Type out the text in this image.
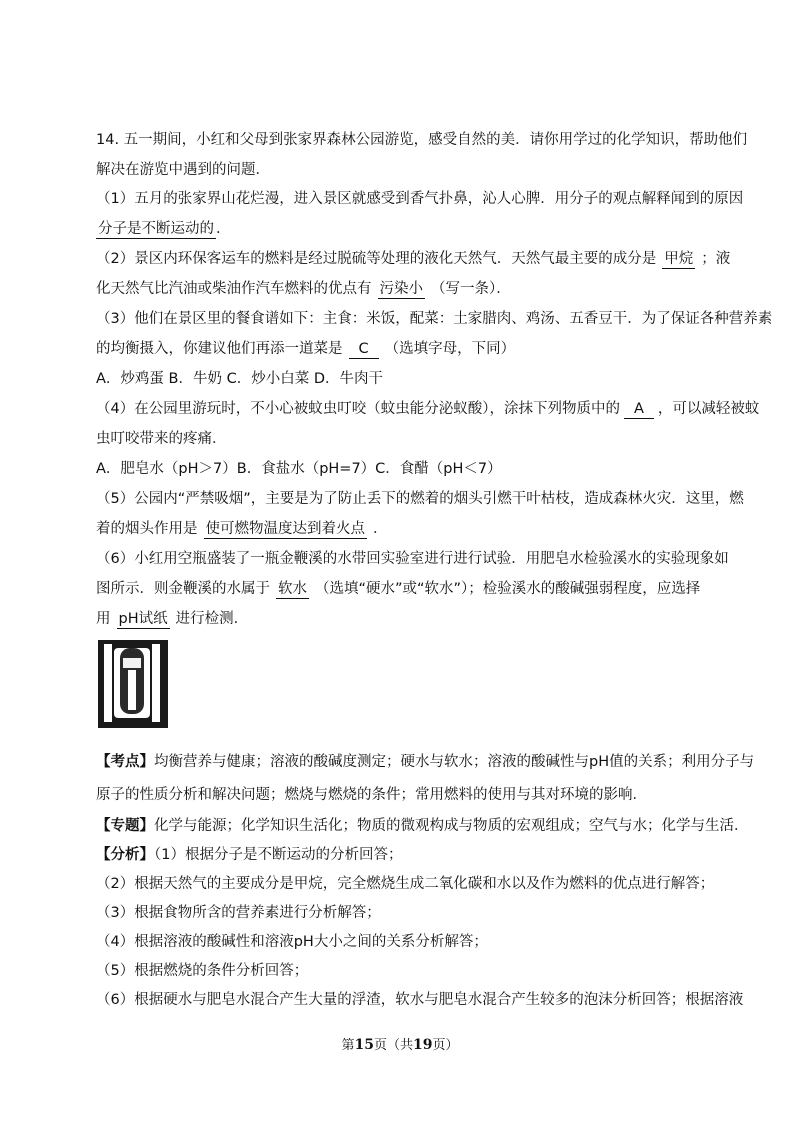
14. 五一期间，小红和父母到张家界森林公园游览，感受自然的美．请你用学过的化学知识，帮助他们
解决在游览中遇到的问题．
（1）五月的张家界山花烂漫，进入景区就感受到香气扑鼻，沁人心脾．用分子的观点解释闻到的原因
分子是不断运动的 ．
（2）景区内环保客运车的燃料是经过脱硫等处理的液化天然气．天然气最主要的成分是 甲烷 ；液
化天然气比汽油或柴油作汽车燃料的优点有 污染小 （写一条）．
（3）他们在景区里的餐食谱如下：主食：米饭，配菜：土家腊肉、鸡汤、五香豆干．为了保证各种营养素
的均衡摄入，你建议他们再添一道菜是 C （选填字母，下同）
A．炒鸡蛋 B．牛奶 C．炒小白菜 D．牛肉干
（4）在公园里游玩时，不小心被蚊虫叮咬（蚊虫能分泌蚁酸），涂抹下列物质中的 A ，可以减轻被蚊
虫叮咬带来的疼痛．
A．肥皂水（pH＞7）B．食盐水（pH=7）C．食醋（pH＜7）
（5）公园内“严禁吸烟”，主要是为了防止丢下的燃着的烟头引燃干叶枯枝，造成森林火灾．这里，燃
着的烟头作用是 使可燃物温度达到着火点 ．
（6）小红用空瓶盛装了一瓶金鞭溪的水带回实验室进行进行试验．用肥皂水检验溪水的实验现象如
图所示．则金鞭溪的水属于 软水 （选填“硬水”或“软水”）；检验溪水的酸碱强弱程度，应选择
用 pH试纸 进行检测．
【考点】均衡营养与健康；溶液的酸碱度测定；硬水与软水；溶液的酸碱性与pH值的关系；利用分子与
原子的性质分析和解决问题；燃烧与燃烧的条件；常用燃料的使用与其对环境的影响．
【专题】化学与能源；化学知识生活化；物质的微观构成与物质的宏观组成；空气与水；化学与生活．
【分析】（1）根据分子是不断运动的分析回答；
（2）根据天然气的主要成分是甲烷，完全燃烧生成二氧化碳和水以及作为燃料的优点进行解答；
（3）根据食物所含的营养素进行分析解答；
（4）根据溶液的酸碱性和溶液pH大小之间的关系分析解答；
（5）根据燃烧的条件分析回答；
（6）根据硬水与肥皂水混合产生大量的浮渣，软水与肥皂水混合产生较多的泡沫分析回答；根据溶液
第15页（共19页）
